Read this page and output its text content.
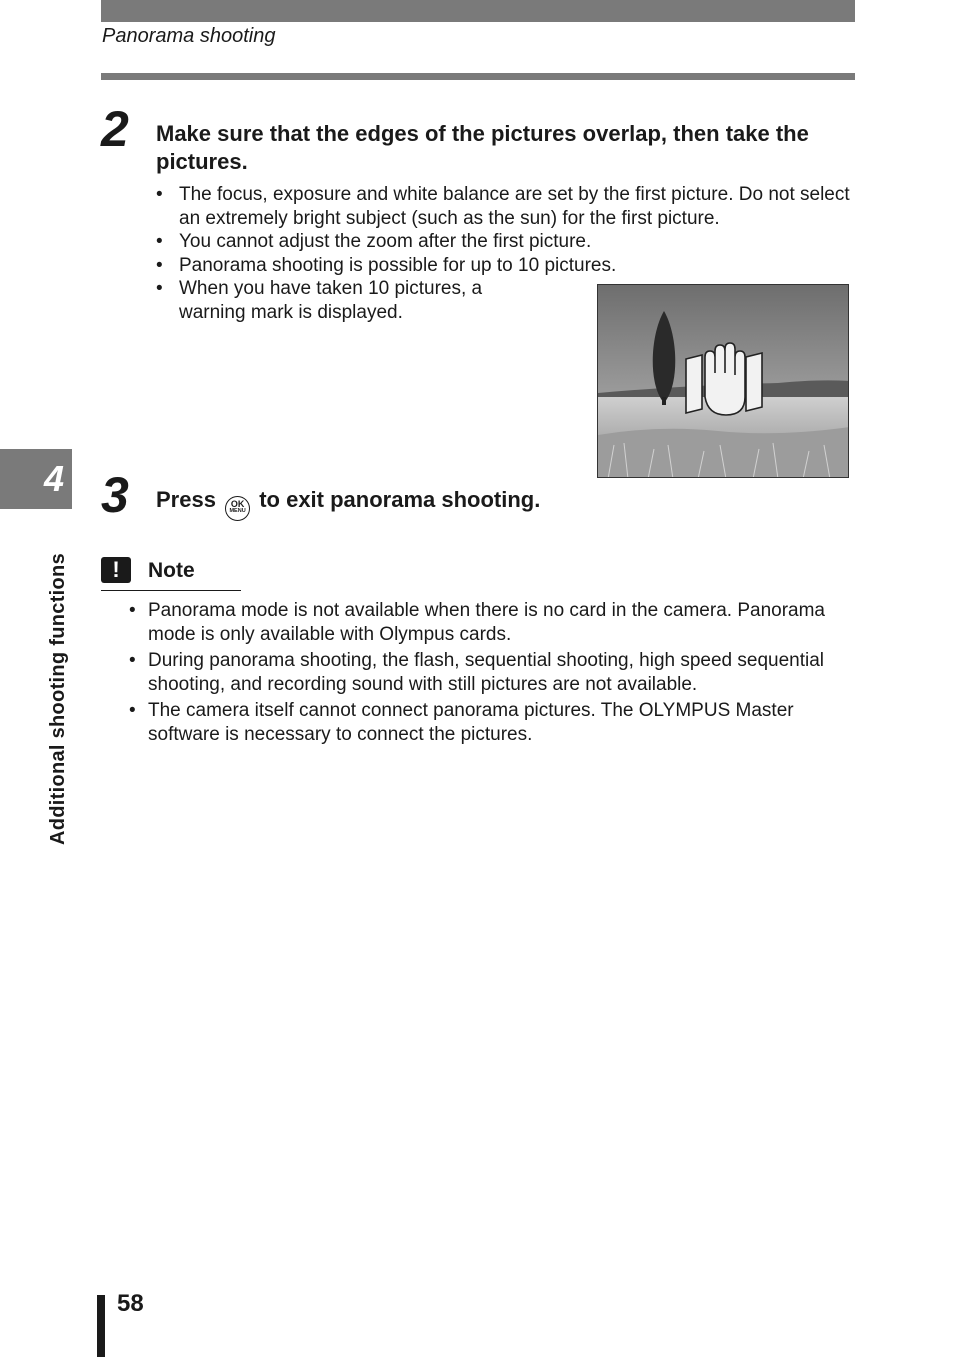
Panorama shooting
2 Make sure that the edges of the pictures overlap, then take the pictures.
• The focus, exposure and white balance are set by the first picture. Do not select an extremely bright subject (such as the sun) for the first picture.
• You cannot adjust the zoom after the first picture.
• Panorama shooting is possible for up to 10 pictures.
• When you have taken 10 pictures, a warning mark is displayed.
3 Press	OK
MENU to exit panorama shooting.
!	Note
• Panorama mode is not available when there is no card in the camera. Panorama mode is only available with Olympus cards.
• During panorama shooting, the flash, sequential shooting, high speed sequential shooting, and recording sound with still pictures are not available.
• The camera itself cannot connect panorama pictures. The OLYMPUS Master software is necessary to connect the pictures.
4
Additional shooting functions
58
